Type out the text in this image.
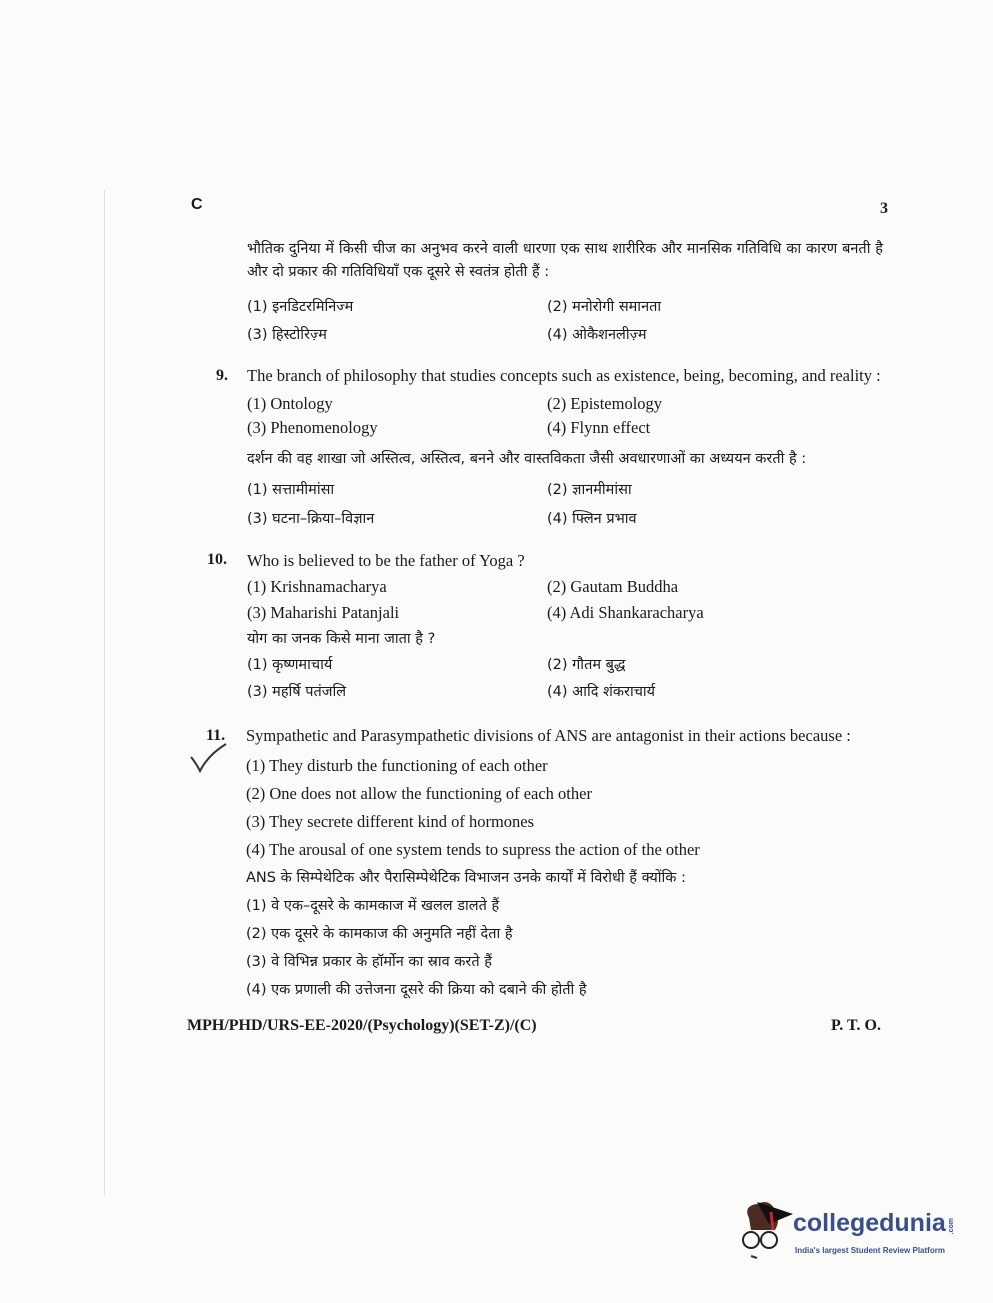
C	3
भौतिक दुनिया में किसी चीज का अनुभव करने वाली धारणा एक साथ शारीरिक और मानसिक गतिविधि का कारण बनती है और दो प्रकार की गतिविधियाँ एक दूसरे से स्वतंत्र होती हैं :
(1) इनडिटरमिनिज्म	(2) मनोरोगी समानता
(3) हिस्टोरिज़्म	(4) ओकैशनलीज़्म
9. The branch of philosophy that studies concepts such as existence, being, becoming, and reality :
(1) Ontology	(2) Epistemology
(3) Phenomenology	(4) Flynn effect
दर्शन की वह शाखा जो अस्तित्व, अस्तित्व, बनने और वास्तविकता जैसी अवधारणाओं का अध्ययन करती है :
(1) सत्तामीमांसा	(2) ज्ञानमीमांसा
(3) घटना–क्रिया–विज्ञान	(4) फ्लिन प्रभाव
10. Who is believed to be the father of Yoga ?
(1) Krishnamacharya	(2) Gautam Buddha
(3) Maharishi Patanjali	(4) Adi Shankaracharya
योग का जनक किसे माना जाता है ?
(1) कृष्णमाचार्य	(2) गौतम बुद्ध
(3) महर्षि पतंजलि	(4) आदि शंकराचार्य
11. Sympathetic and Parasympathetic divisions of ANS are antagonist in their actions because :
(1) They disturb the functioning of each other
(2) One does not allow the functioning of each other
(3) They secrete different kind of hormones
(4) The arousal of one system tends to supress the action of the other
ANS के सिम्पेथेटिक और पैरासिम्पेथेटिक विभाजन उनके कार्यों में विरोधी हैं क्योंकि :
(1) वे एक–दूसरे के कामकाज में खलल डालते हैं
(2) एक दूसरे के कामकाज की अनुमति नहीं देता है
(3) वे विभिन्न प्रकार के हॉर्मोन का स्राव करते हैं
(4) एक प्रणाली की उत्तेजना दूसरे की क्रिया को दबाने की होती है
MPH/PHD/URS-EE-2020/(Psychology)(SET-Z)/(C)	P. T. O.
collegedunia .com
India's largest Student Review Platform
